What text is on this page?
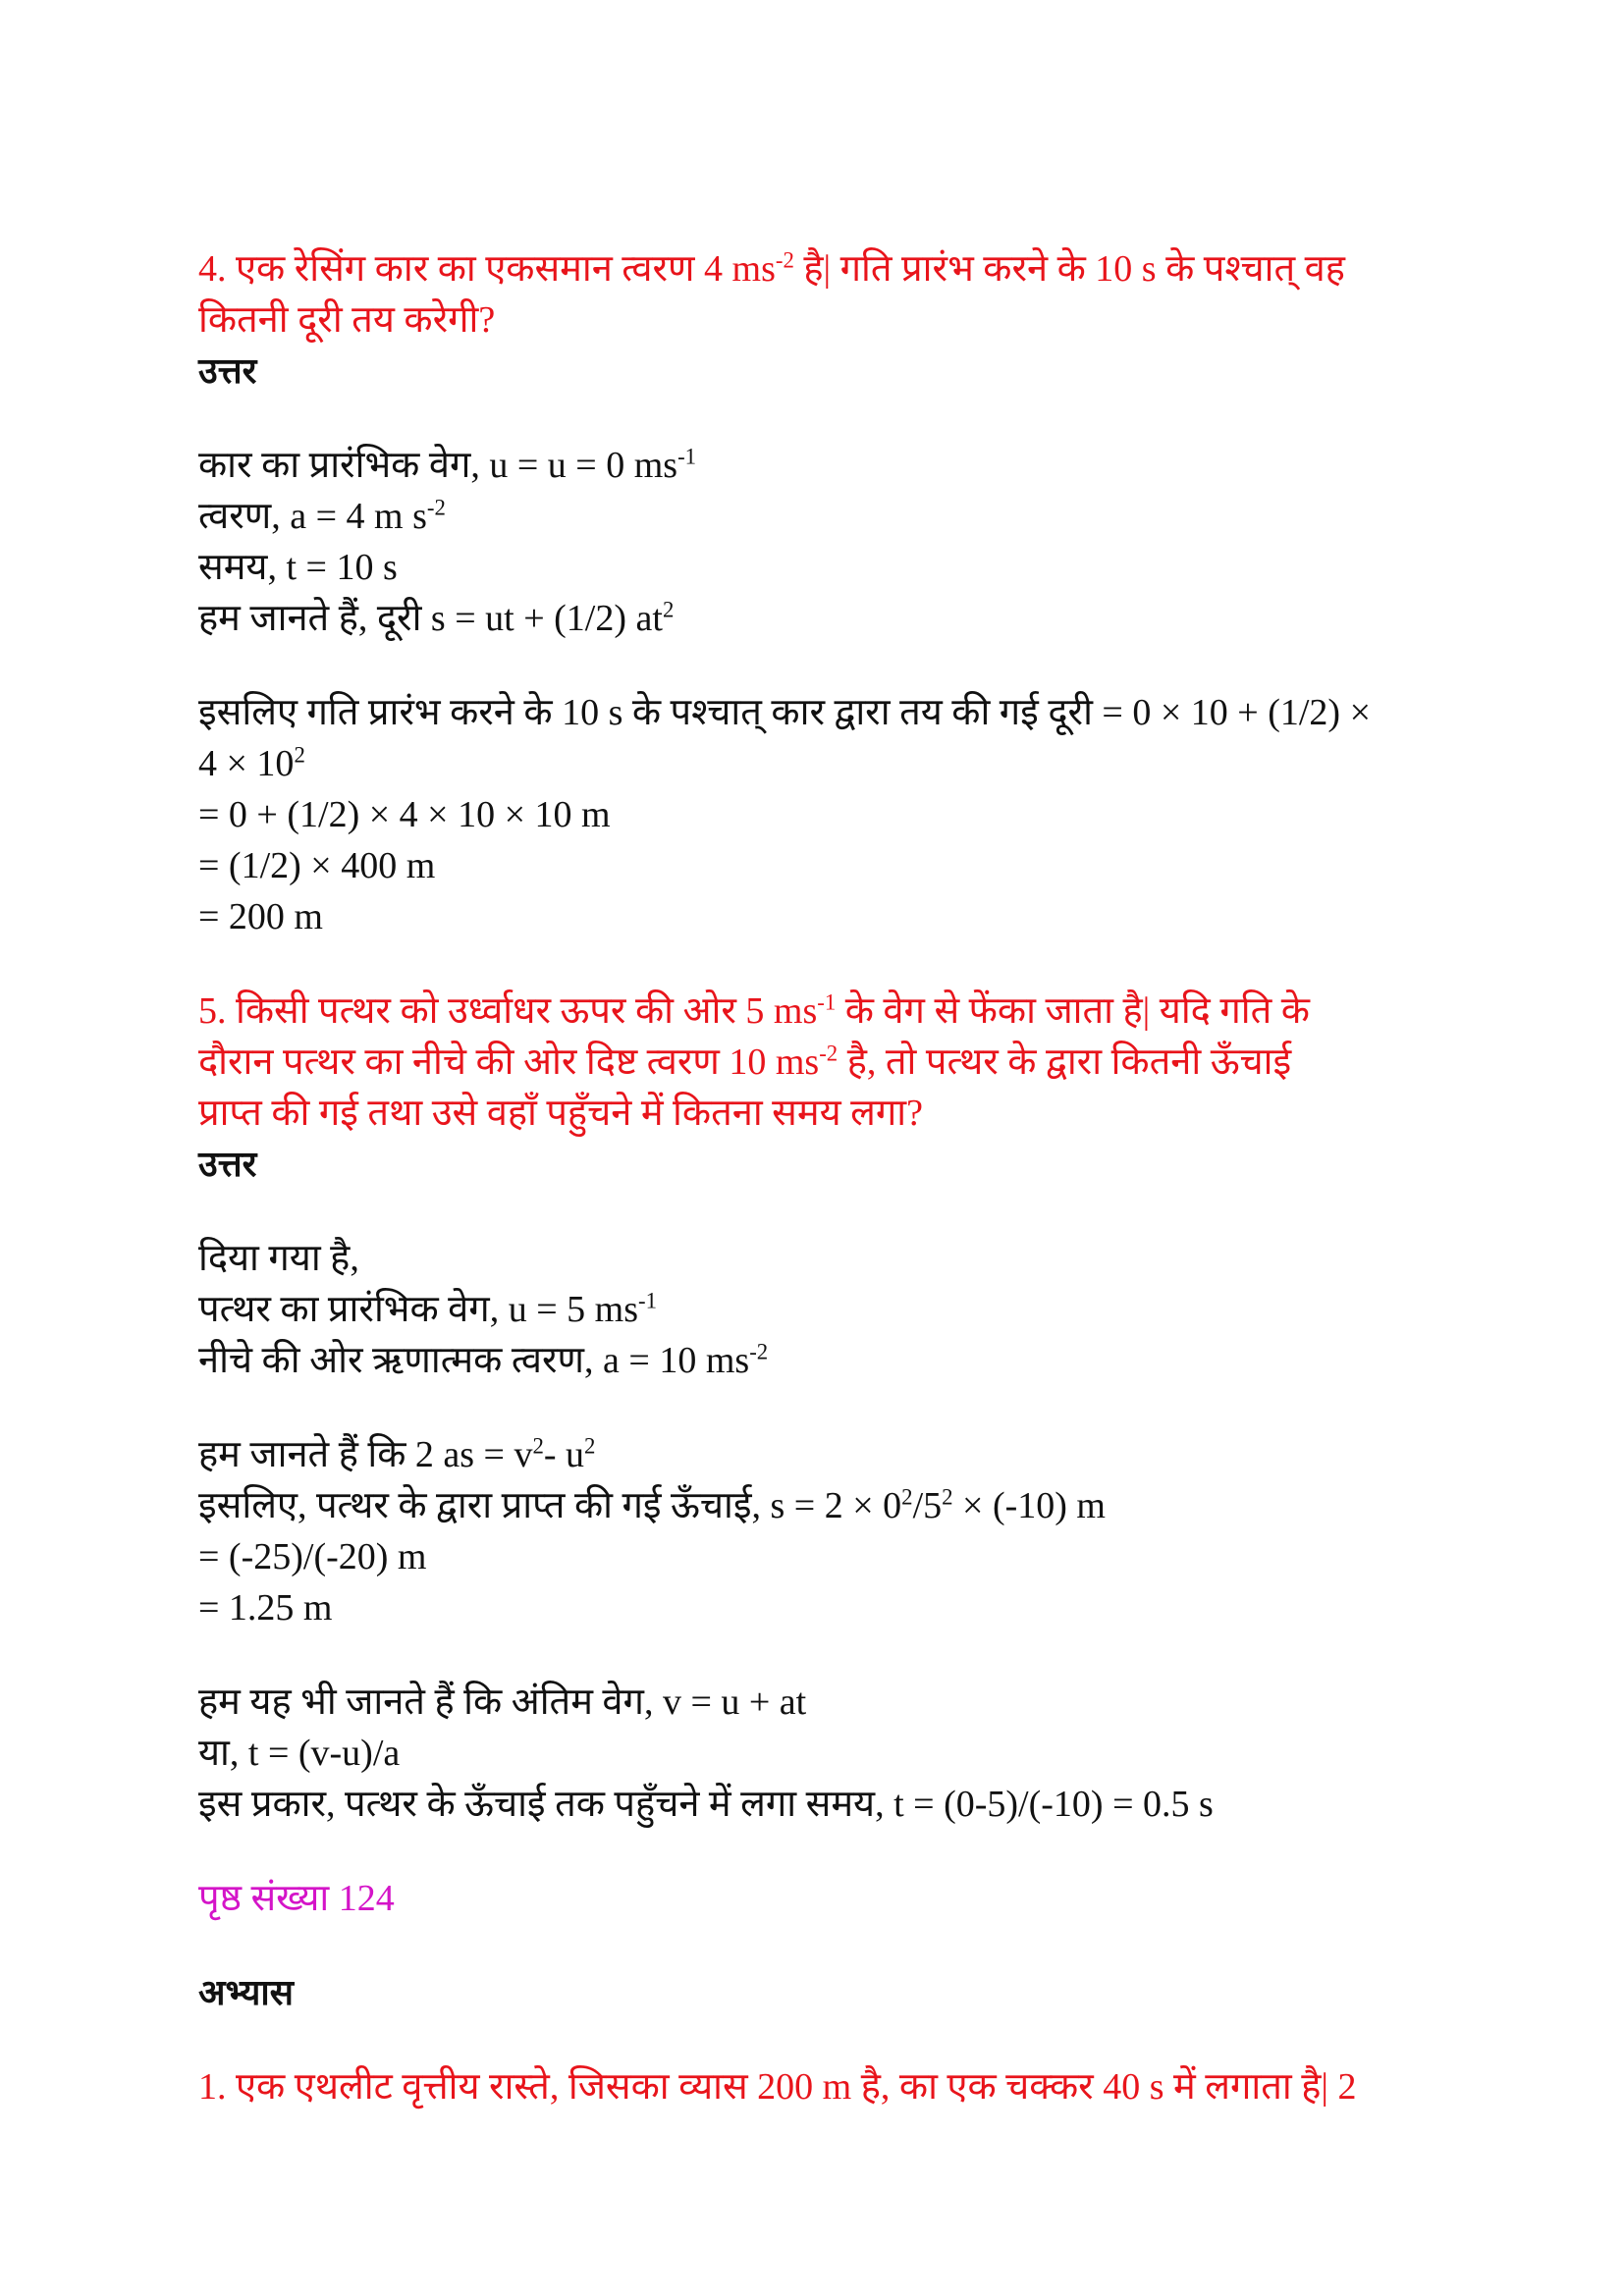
4. एक रेसिंग कार का एकसमान त्वरण 4 $ms^{-2}$ है| गति प्रारंभ करने के 10 s के पश्चात् वह
कितनी दूरी तय करेगी?
उत्तर
कार का प्रारंभिक वेग, u = u = 0 $ms^{-1}$
त्वरण, a = 4 m $s^{-2}$
समय, t = 10 s
हम जानते हैं, दूरी s = ut + (1/2) $at^2$
इसलिए गति प्रारंभ करने के 10 s के पश्चात् कार द्वारा तय की गई दूरी = 0 × 10 + (1/2) ×
$4 \times 10^2$
= 0 + (1/2) × 4 × 10 × 10 m
= (1/2) × 400 m
= 200 m
5. किसी पत्थर को उर्ध्वाधर ऊपर की ओर 5 $ms^{-1}$ के वेग से फेंका जाता है| यदि गति के
दौरान पत्थर का नीचे की ओर दिष्ट त्वरण 10 $ms^{-2}$ है, तो पत्थर के द्वारा कितनी ऊँचाई
प्राप्त की गई तथा उसे वहाँ पहुँचने में कितना समय लगा?
उत्तर
दिया गया है,
पत्थर का प्रारंभिक वेग, u = 5 $ms^{-1}$
नीचे की ओर ऋणात्मक त्वरण, a = 10 $ms^{-2}$
हम जानते हैं कि 2 as = $v^2-$ $u^2$
इसलिए, पत्थर के द्वारा प्राप्त की गई ऊँचाई, $s = 2 \times 0^2/5^2 \times (-10)$ m
= (-25)/(-20) m
= 1.25 m
हम यह भी जानते हैं कि अंतिम वेग, v = u + at
या, t = (v-u)/a
इस प्रकार, पत्थर के ऊँचाई तक पहुँचने में लगा समय, t = (0-5)/(-10) = 0.5 s
पृष्ठ संख्या 124
अभ्यास
1. एक एथलीट वृत्तीय रास्ते, जिसका व्यास 200 m है, का एक चक्कर 40 s में लगाता है| 2
